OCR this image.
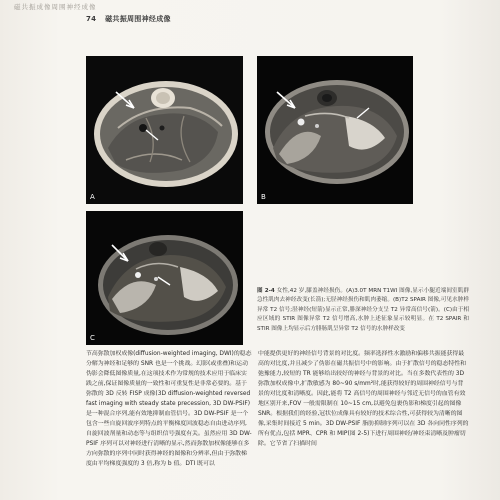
磁共振成像周围神经成像
74 磁共振周围神经成像
A	B
C
图 2-4 女性,42 岁,膝盖神经损伤。(A)3.0T MRN T1WI 图像,显示小腿近端间室肌群急性肌肉去神经改变(长箭);无胫神经损伤和肌肉萎缩。(B)T2 SPAIR 图像,可见水肿样异常 T2 信号;胫神经(短箭)显示正常,腓深神经分支呈 T2 异常高信号(箭)。(C)由于相应区域的 STIR 图像异常 T2 信号增高,水肿上述征象显示较明显。在 T2 SPAIR 和 STIR 图像上均显示后方腓肠肌呈异常 T2 信号的水肿样改变

节高弥散加权成像(diffusion-weighted imaging, DWI)的稳态分解为神经和足够的 SNR 也是一个挑战。幻影(或重叠)和运动伪影会降低图像质量,在这项技术作为常规的技术应用于临床实践之前,保证图像质量的一致性和可重复性是非常必要的。基于弥散的 3D 反转 FISP 成像(3D diffusion-weighted reversed fast imaging with steady state precession, 3D DW-PSIF)是一种混合序列,能有效地抑制血管信号。3D DW-PSIF 是一个包含一些自旋回波序列特点的平衡梯度回波稳态自由进动序列,自旋回波剂量和动态等与组织信号强度有关。虽然应用 3D DW-PSIF 序列可以对神经进行清晰的显示,然而弥散加权像能够在多方向弥散的序列中同时获得神经的图像和分辨率,但由于弥散梯度由平均梯度强度的 3 倍,称为 b 值。DTI 既可以

中能提供更好的神经信号背景的对比度。频率选择性水激励和偏移共振能获得最高的对比度,并且减少了伪影在磁共振信号中的影响。由于扩散信号的稳态特性和弛豫能力,较短的 TR 能够给出较好的神经与背景的对比。当在多数代表性的 3D 弥散加权成像中,扩散敏感为 80~90 s/mm²时,能获得较好的周围神经信号与背景的对比度和清晰度。因此,能将 T2 高信号的周围神经与邻近无信号的血管有效地区别开来,FOV 一般需限制在 10~15 cm,以避免包裹伪影和梯度引起的图像 SNR。根据我们的经验,冠状位成像具有较好的技术综合性,可获得较为清晰的图像,采集时间接近 5 min。3D DW-PSIF 脂肪抑制序列可以在 3D 各向同性序列的所有优点,包括 MPR、CPR 和 MIP(图 2-5)下进行周围神经/神经束清晰及肿瘤切除。它节省了扫描时间
